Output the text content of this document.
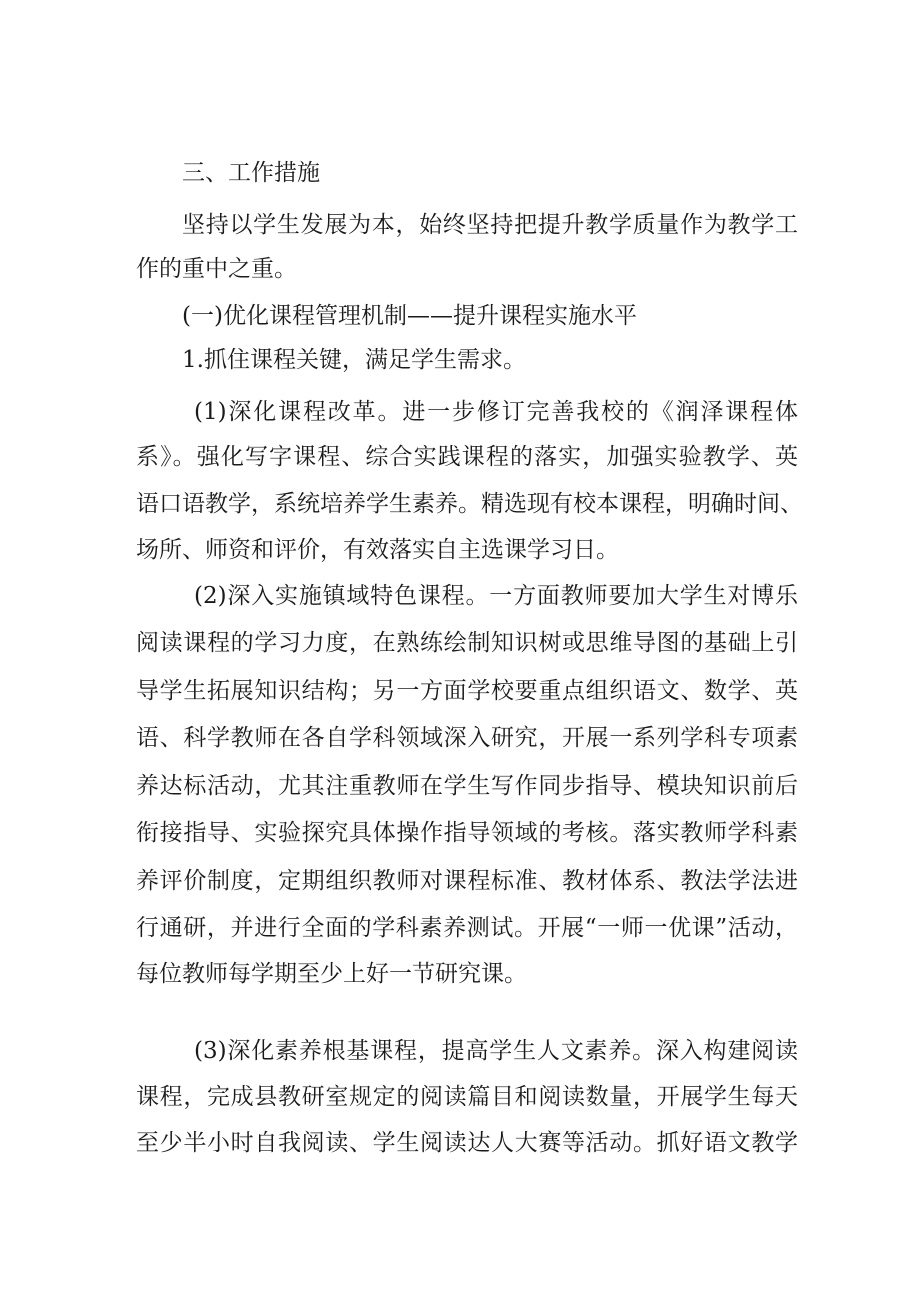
三、工作措施
坚持以学生发展为本，始终坚持把提升教学质量作为教学工
作的重中之重。
(一)优化课程管理机制——提升课程实施水平
1.抓住课程关键，满足学生需求。
(1)深化课程改革。进一步修订完善我校的《润泽课程体
系》。强化写字课程、综合实践课程的落实，加强实验教学、英
语口语教学，系统培养学生素养。精选现有校本课程，明确时间、
场所、师资和评价，有效落实自主选课学习日。
(2)深入实施镇域特色课程。一方面教师要加大学生对博乐
阅读课程的学习力度，在熟练绘制知识树或思维导图的基础上引
导学生拓展知识结构；另一方面学校要重点组织语文、数学、英
语、科学教师在各自学科领域深入研究，开展一系列学科专项素
养达标活动，尤其注重教师在学生写作同步指导、模块知识前后
衔接指导、实验探究具体操作指导领域的考核。落实教师学科素
养评价制度，定期组织教师对课程标准、教材体系、教法学法进
行通研，并进行全面的学科素养测试。开展“一师一优课”活动，
每位教师每学期至少上好一节研究课。
(3)深化素养根基课程，提高学生人文素养。深入构建阅读
课程，完成县教研室规定的阅读篇目和阅读数量，开展学生每天
至少半小时自我阅读、学生阅读达人大赛等活动。抓好语文教学
